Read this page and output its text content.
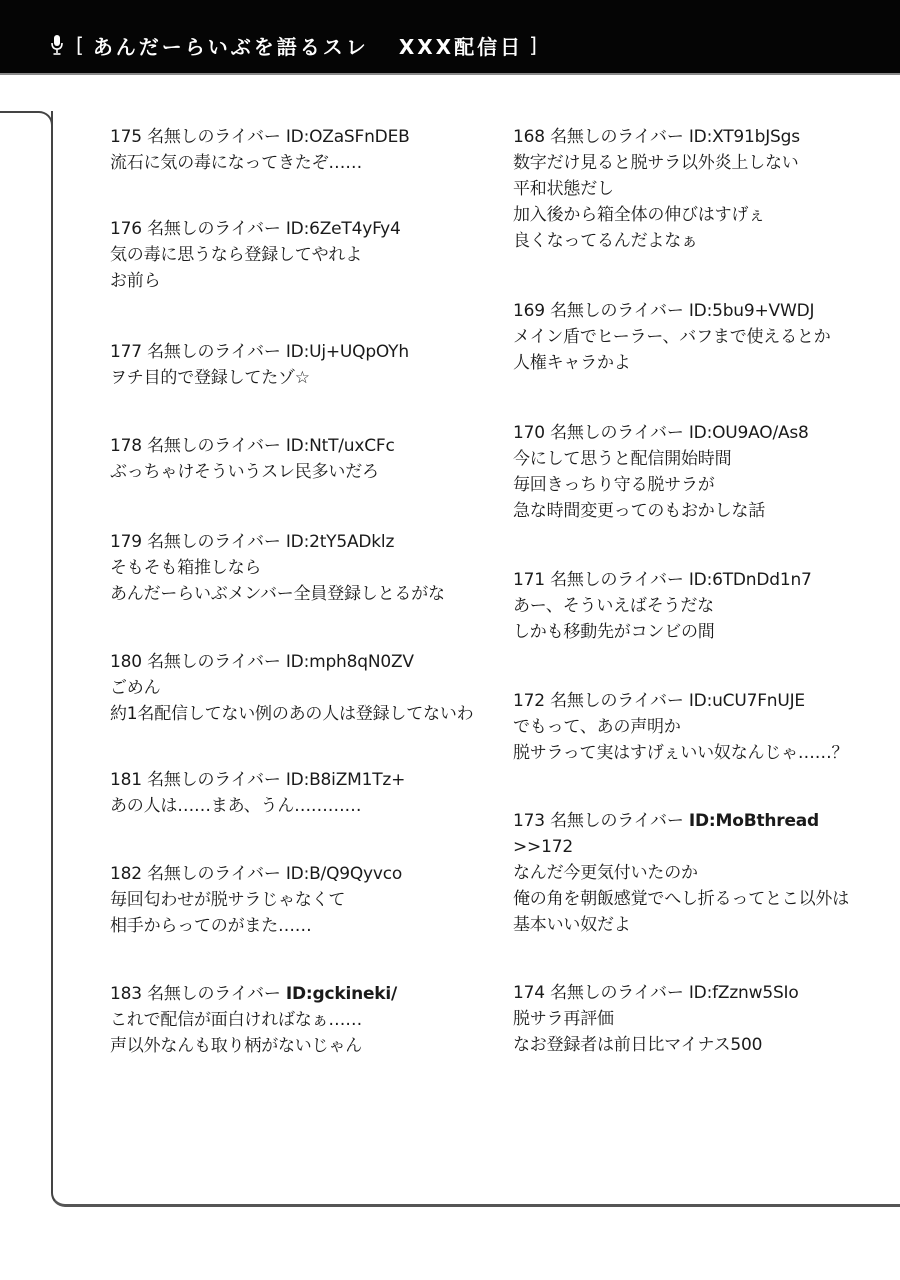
[ あんだーらいぶを語るスレ XXX配信日 ]
175 名無しのライバー ID:OZaSFnDEB
流石に気の毒になってきたぞ……
176 名無しのライバー ID:6ZeT4yFy4
気の毒に思うなら登録してやれよ
お前ら
177 名無しのライバー ID:Uj+UQpOYh
ヲチ目的で登録してたゾ☆
178 名無しのライバー ID:NtT/uxCFc
ぶっちゃけそういうスレ民多いだろ
179 名無しのライバー ID:2tY5ADklz
そもそも箱推しなら
あんだーらいぶメンバー全員登録しとるがな
180 名無しのライバー ID:mph8qN0ZV
ごめん
約1名配信してない例のあの人は登録してないわ
181 名無しのライバー ID:B8iZM1Tz+
あの人は……まあ、うん…………
182 名無しのライバー ID:B/Q9Qyvco
毎回匂わせが脱サラじゃなくて
相手からってのがまた……
183 名無しのライバー ID:gckineki/
これで配信が面白ければなぁ……
声以外なんも取り柄がないじゃん
168 名無しのライバー ID:XT91bJSgs
数字だけ見ると脱サラ以外炎上しない
平和状態だし
加入後から箱全体の伸びはすげぇ
良くなってるんだよなぁ
169 名無しのライバー ID:5bu9+VWDJ
メイン盾でヒーラー、バフまで使えるとか
人権キャラかよ
170 名無しのライバー ID:OU9AO/As8
今にして思うと配信開始時間
毎回きっちり守る脱サラが
急な時間変更ってのもおかしな話
171 名無しのライバー ID:6TDnDd1n7
あー、そういえばそうだな
しかも移動先がコンビの間
172 名無しのライバー ID:uCU7FnUJE
でもって、あの声明か
脱サラって実はすげぇいい奴なんじゃ……？
173 名無しのライバー ID:MoBthread
>>172
なんだ今更気付いたのか
俺の角を朝飯感覚でへし折るってとこ以外は
基本いい奴だよ
174 名無しのライバー ID:fZznw5SIo
脱サラ再評価
なお登録者は前日比マイナス500
